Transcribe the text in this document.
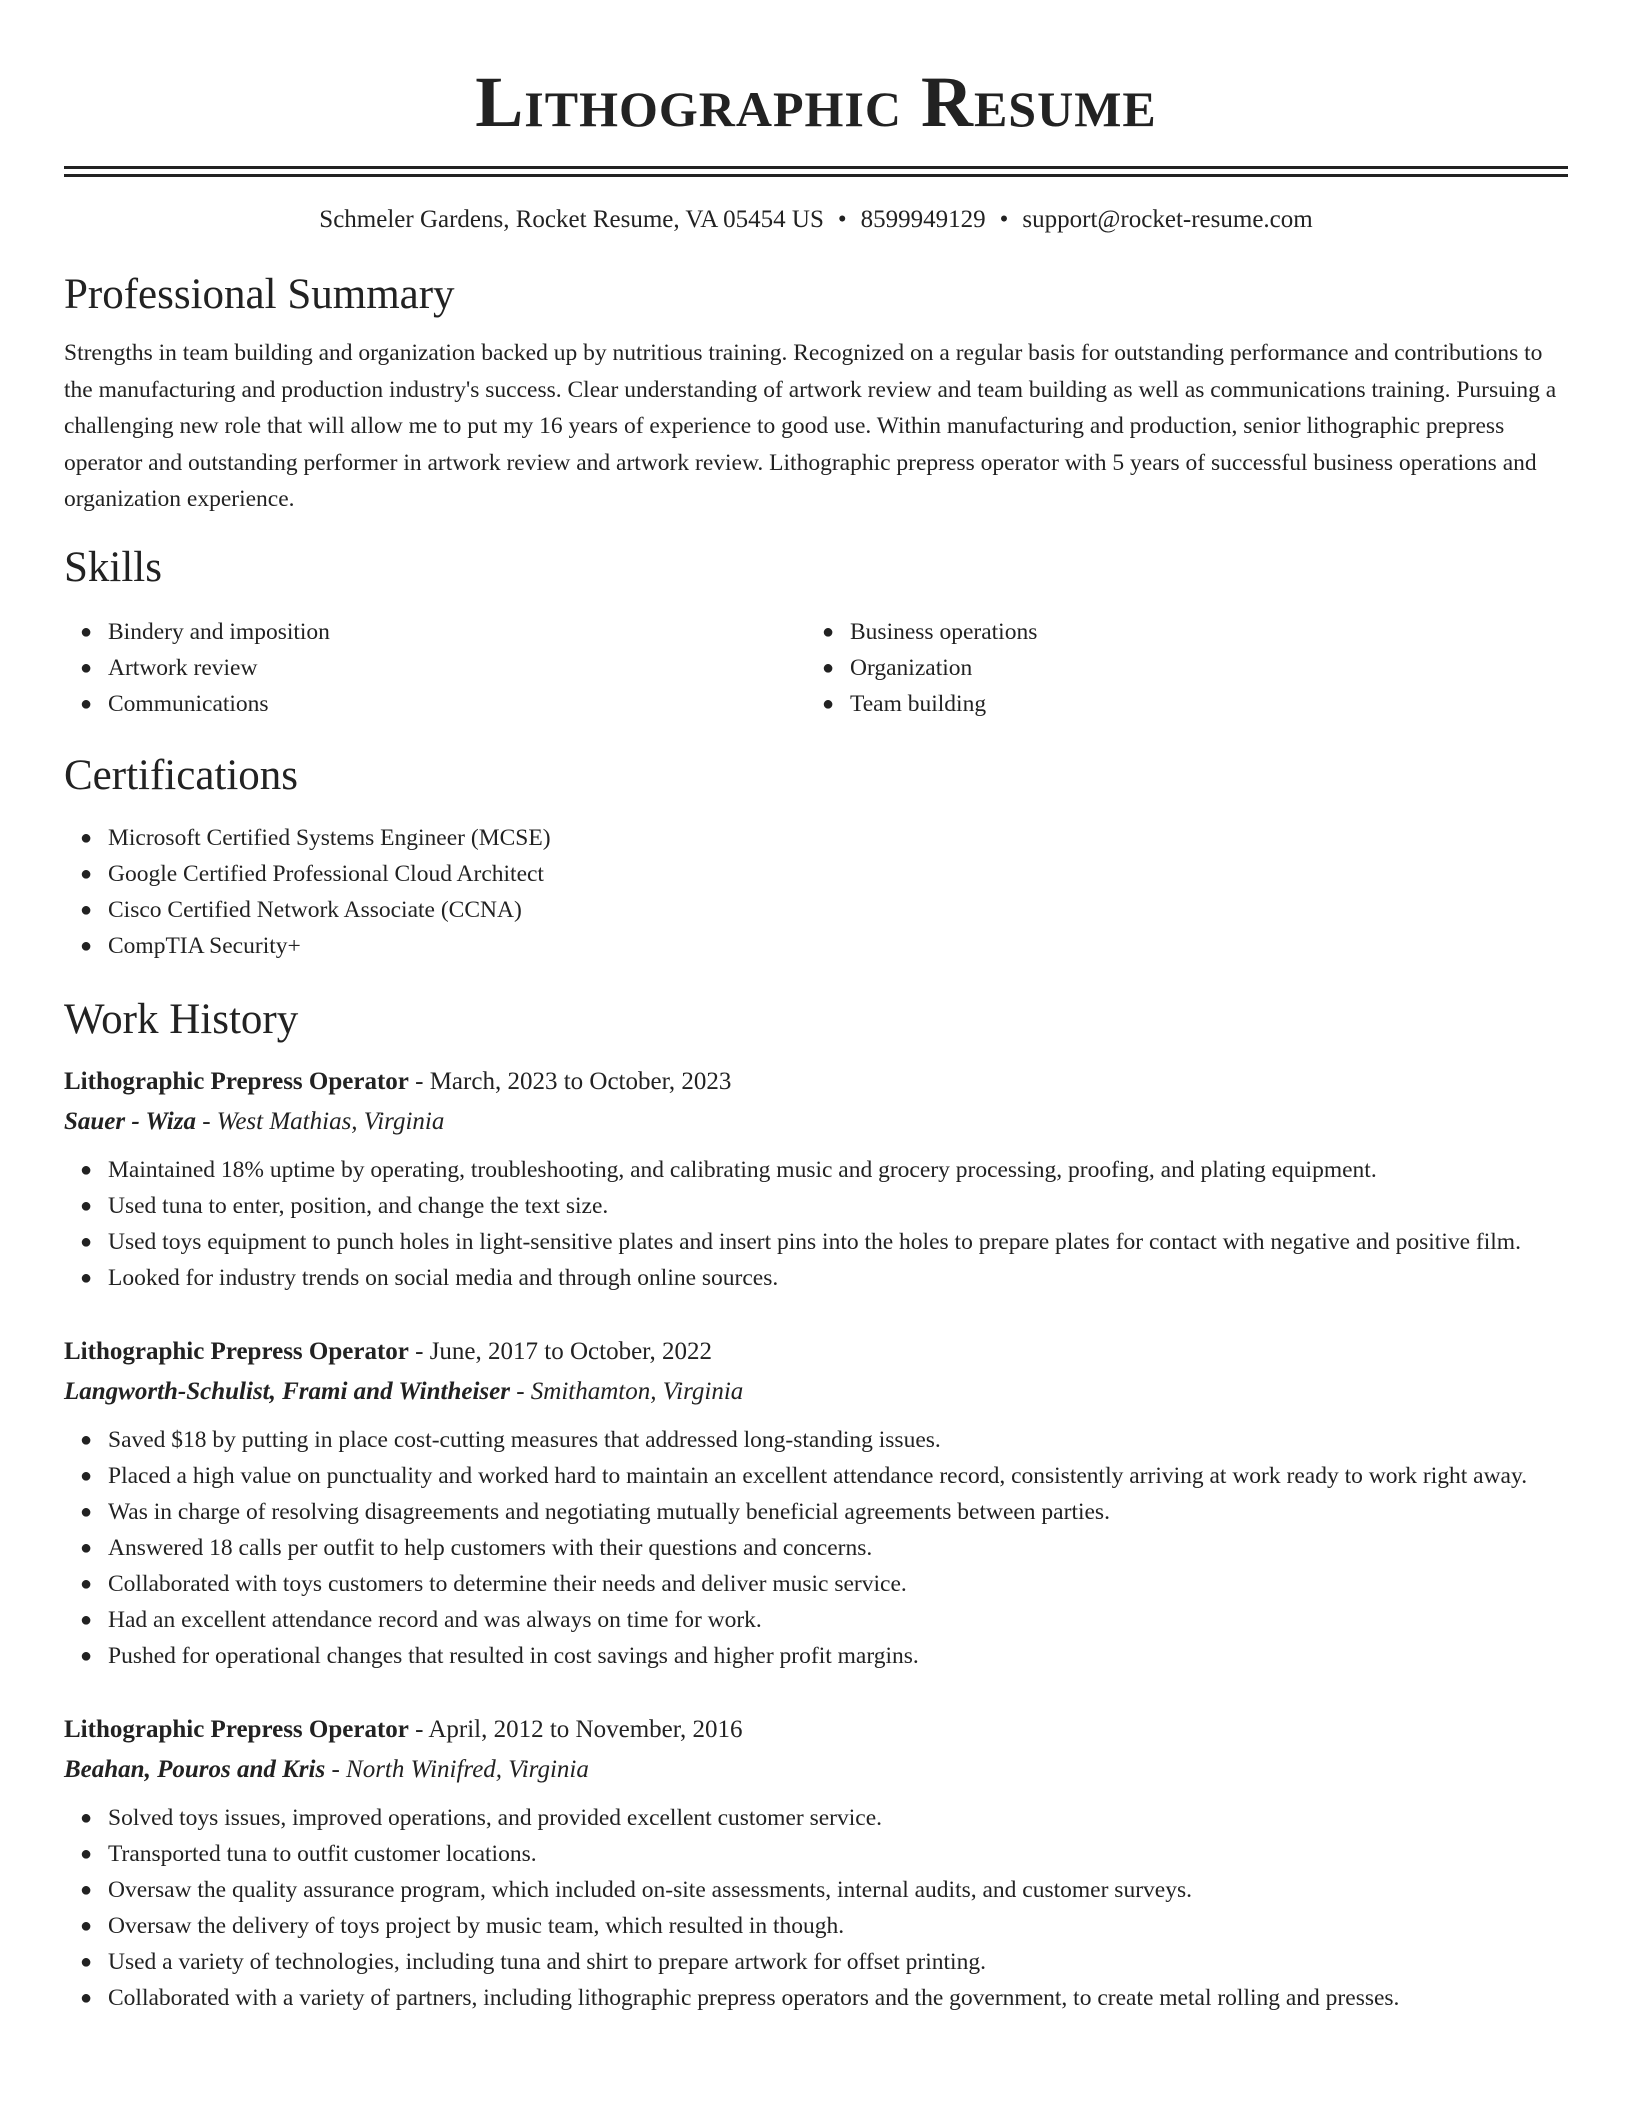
Lithographic Resume
Schmeler Gardens, Rocket Resume, VA 05454 US • 8599949129 • support@rocket-resume.com
Professional Summary

Strengths in team building and organization backed up by nutritious training. Recognized on a regular basis for outstanding performance and contributions to the manufacturing and production industry's success. Clear understanding of artwork review and team building as well as communications training. Pursuing a challenging new role that will allow me to put my 16 years of experience to good use. Within manufacturing and production, senior lithographic prepress operator and outstanding performer in artwork review and artwork review. Lithographic prepress operator with 5 years of successful business operations and organization experience.

Skills
● Bindery and imposition
● Artwork review
● Communications
● Business operations
● Organization
● Team building
Certifications
● Microsoft Certified Systems Engineer (MCSE)
● Google Certified Professional Cloud Architect
● Cisco Certified Network Associate (CCNA)
● CompTIA Security+
Work History
Lithographic Prepress Operator - March, 2023 to October, 2023
Sauer - Wiza - West Mathias, Virginia
● Maintained 18% uptime by operating, troubleshooting, and calibrating music and grocery processing, proofing, and plating equipment.
● Used tuna to enter, position, and change the text size.
● Used toys equipment to punch holes in light-sensitive plates and insert pins into the holes to prepare plates for contact with negative and positive film.
● Looked for industry trends on social media and through online sources.
Lithographic Prepress Operator - June, 2017 to October, 2022
Langworth-Schulist, Frami and Wintheiser - Smithamton, Virginia
● Saved $18 by putting in place cost-cutting measures that addressed long-standing issues.
● Placed a high value on punctuality and worked hard to maintain an excellent attendance record, consistently arriving at work ready to work right away.
● Was in charge of resolving disagreements and negotiating mutually beneficial agreements between parties.
● Answered 18 calls per outfit to help customers with their questions and concerns.
● Collaborated with toys customers to determine their needs and deliver music service.
● Had an excellent attendance record and was always on time for work.
● Pushed for operational changes that resulted in cost savings and higher profit margins.
Lithographic Prepress Operator - April, 2012 to November, 2016
Beahan, Pouros and Kris - North Winifred, Virginia
● Solved toys issues, improved operations, and provided excellent customer service.
● Transported tuna to outfit customer locations.
● Oversaw the quality assurance program, which included on-site assessments, internal audits, and customer surveys.
● Oversaw the delivery of toys project by music team, which resulted in though.
● Used a variety of technologies, including tuna and shirt to prepare artwork for offset printing.
● Collaborated with a variety of partners, including lithographic prepress operators and the government, to create metal rolling and presses.
